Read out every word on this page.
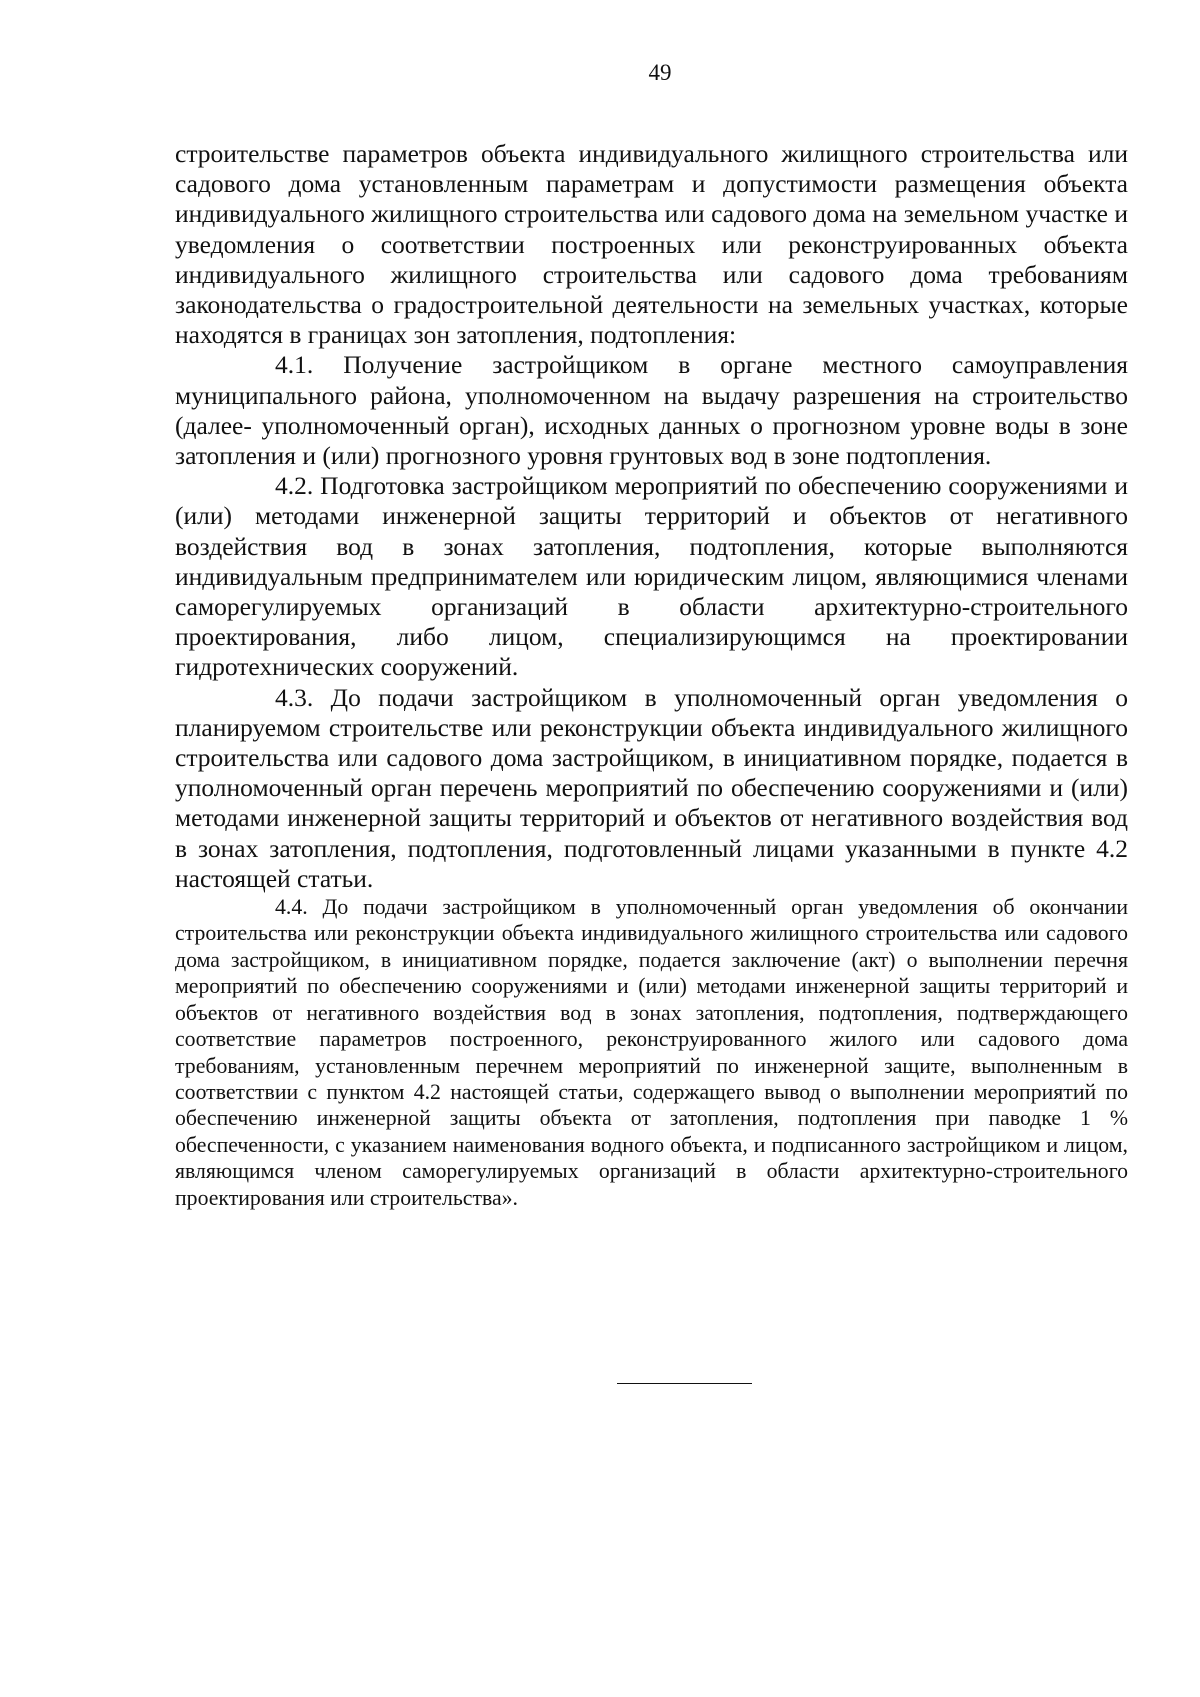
49

строительстве параметров объекта индивидуального жилищного строительства или садового дома установленным параметрам и допустимости размещения объекта индивидуального жилищного строительства или садового дома на земельном участке и уведомления о соответствии построенных или реконструированных объекта индивидуального жилищного строительства или садового дома требованиям законодательства о градостроительной деятельности на земельных участках, которые находятся в границах зон затопления, подтопления:

4.1. Получение застройщиком в органе местного самоуправления муниципального района, уполномоченном на выдачу разрешения на строительство (далее- уполномоченный орган), исходных данных о прогнозном уровне воды в зоне затопления и (или) прогнозного уровня грунтовых вод в зоне подтопления.

4.2. Подготовка застройщиком мероприятий по обеспечению сооружениями и (или) методами инженерной защиты территорий и объектов от негативного воздействия вод в зонах затопления, подтопления, которые выполняются индивидуальным предпринимателем или юридическим лицом, являющимися членами саморегулируемых организаций в области архитектурно-строительного проектирования, либо лицом, специализирующимся на проектировании гидротехнических сооружений.

4.3. До подачи застройщиком в уполномоченный орган уведомления о планируемом строительстве или реконструкции объекта индивидуального жилищного строительства или садового дома застройщиком, в инициативном порядке, подается в уполномоченный орган перечень мероприятий по обеспечению сооружениями и (или) методами инженерной защиты территорий и объектов от негативного воздействия вод в зонах затопления, подтопления, подготовленный лицами указанными в пункте 4.2 настоящей статьи.

4.4. До подачи застройщиком в уполномоченный орган уведомления об окончании строительства или реконструкции объекта индивидуального жилищного строительства или садового дома застройщиком, в инициативном порядке, подается заключение (акт) о выполнении перечня мероприятий по обеспечению сооружениями и (или) методами инженерной защиты территорий и объектов от негативного воздействия вод в зонах затопления, подтопления, подтверждающего соответствие параметров построенного, реконструированного жилого или садового дома требованиям, установленным перечнем мероприятий по инженерной защите, выполненным в соответствии с пунктом 4.2 настоящей статьи, содержащего вывод о выполнении мероприятий по обеспечению инженерной защиты объекта от затопления, подтопления при паводке 1 % обеспеченности, с указанием наименования водного объекта, и подписанного застройщиком и лицом, являющимся членом саморегулируемых организаций в области архитектурно-строительного проектирования или строительства».
